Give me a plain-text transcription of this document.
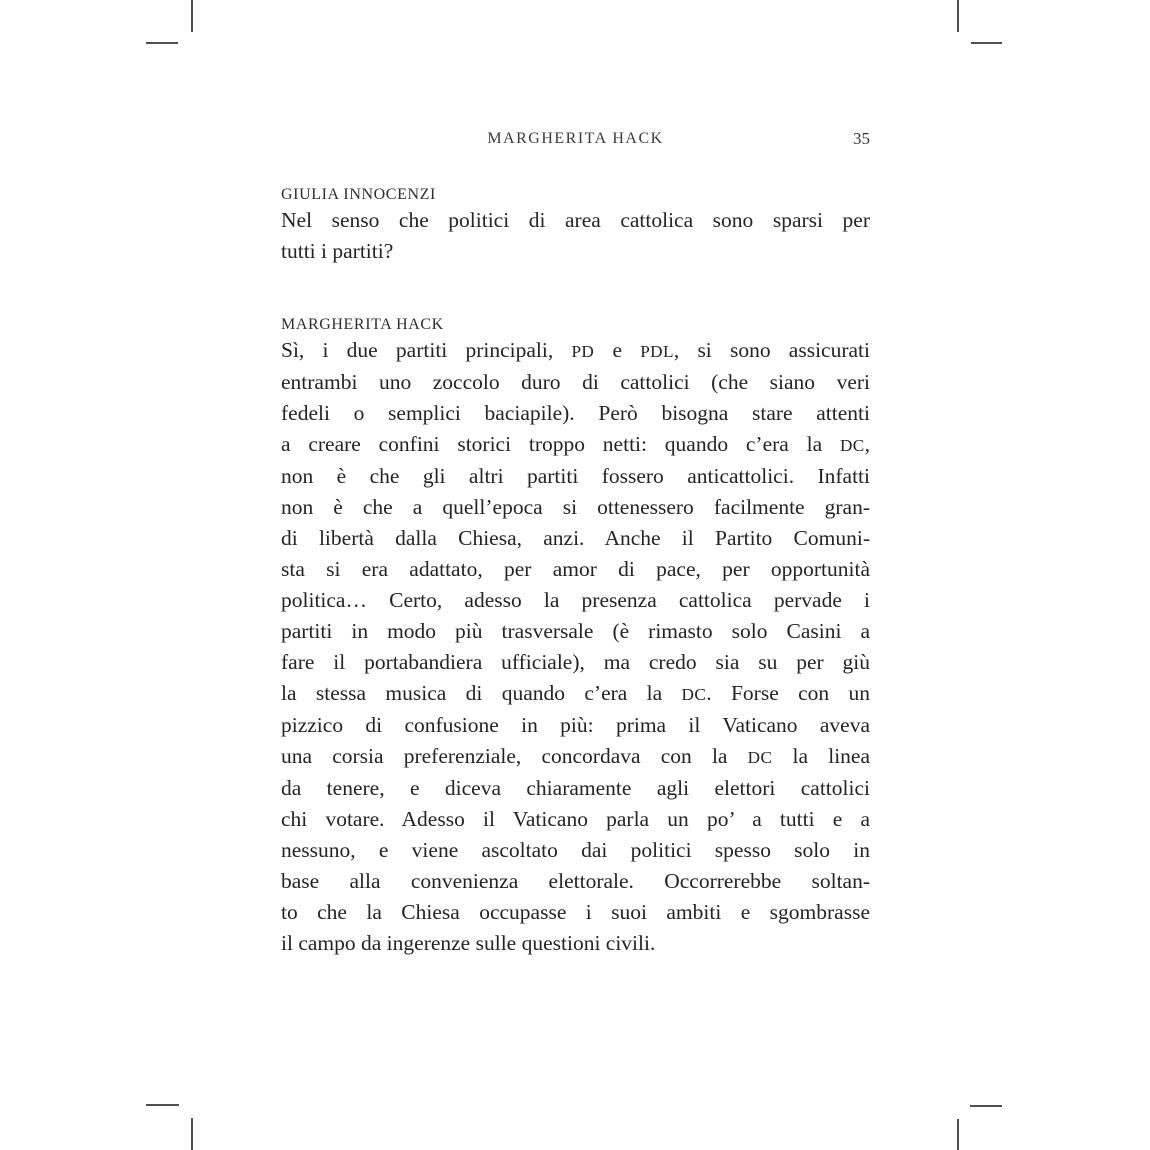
MARGHERITA HACK	35
GIULIA INNOCENZI
Nel senso che politici di area cattolica sono sparsi per
tutti i partiti?
MARGHERITA HACK
Sì, i due partiti principali, PD e PDL, si sono assicurati
entrambi uno zoccolo duro di cattolici (che siano veri
fedeli o semplici baciapile). Però bisogna stare attenti
a creare confini storici troppo netti: quando c’era la DC,
non è che gli altri partiti fossero anticattolici. Infatti
non è che a quell’epoca si ottenessero facilmente gran-
di libertà dalla Chiesa, anzi. Anche il Partito Comuni-
sta si era adattato, per amor di pace, per opportunità
politica… Certo, adesso la presenza cattolica pervade i
partiti in modo più trasversale (è rimasto solo Casini a
fare il portabandiera ufficiale), ma credo sia su per giù
la stessa musica di quando c’era la DC. Forse con un
pizzico di confusione in più: prima il Vaticano aveva
una corsia preferenziale, concordava con la DC la linea
da tenere, e diceva chiaramente agli elettori cattolici
chi votare. Adesso il Vaticano parla un po’ a tutti e a
nessuno, e viene ascoltato dai politici spesso solo in
base alla convenienza elettorale. Occorrerebbe soltan-
to che la Chiesa occupasse i suoi ambiti e sgombrasse
il campo da ingerenze sulle questioni civili.
